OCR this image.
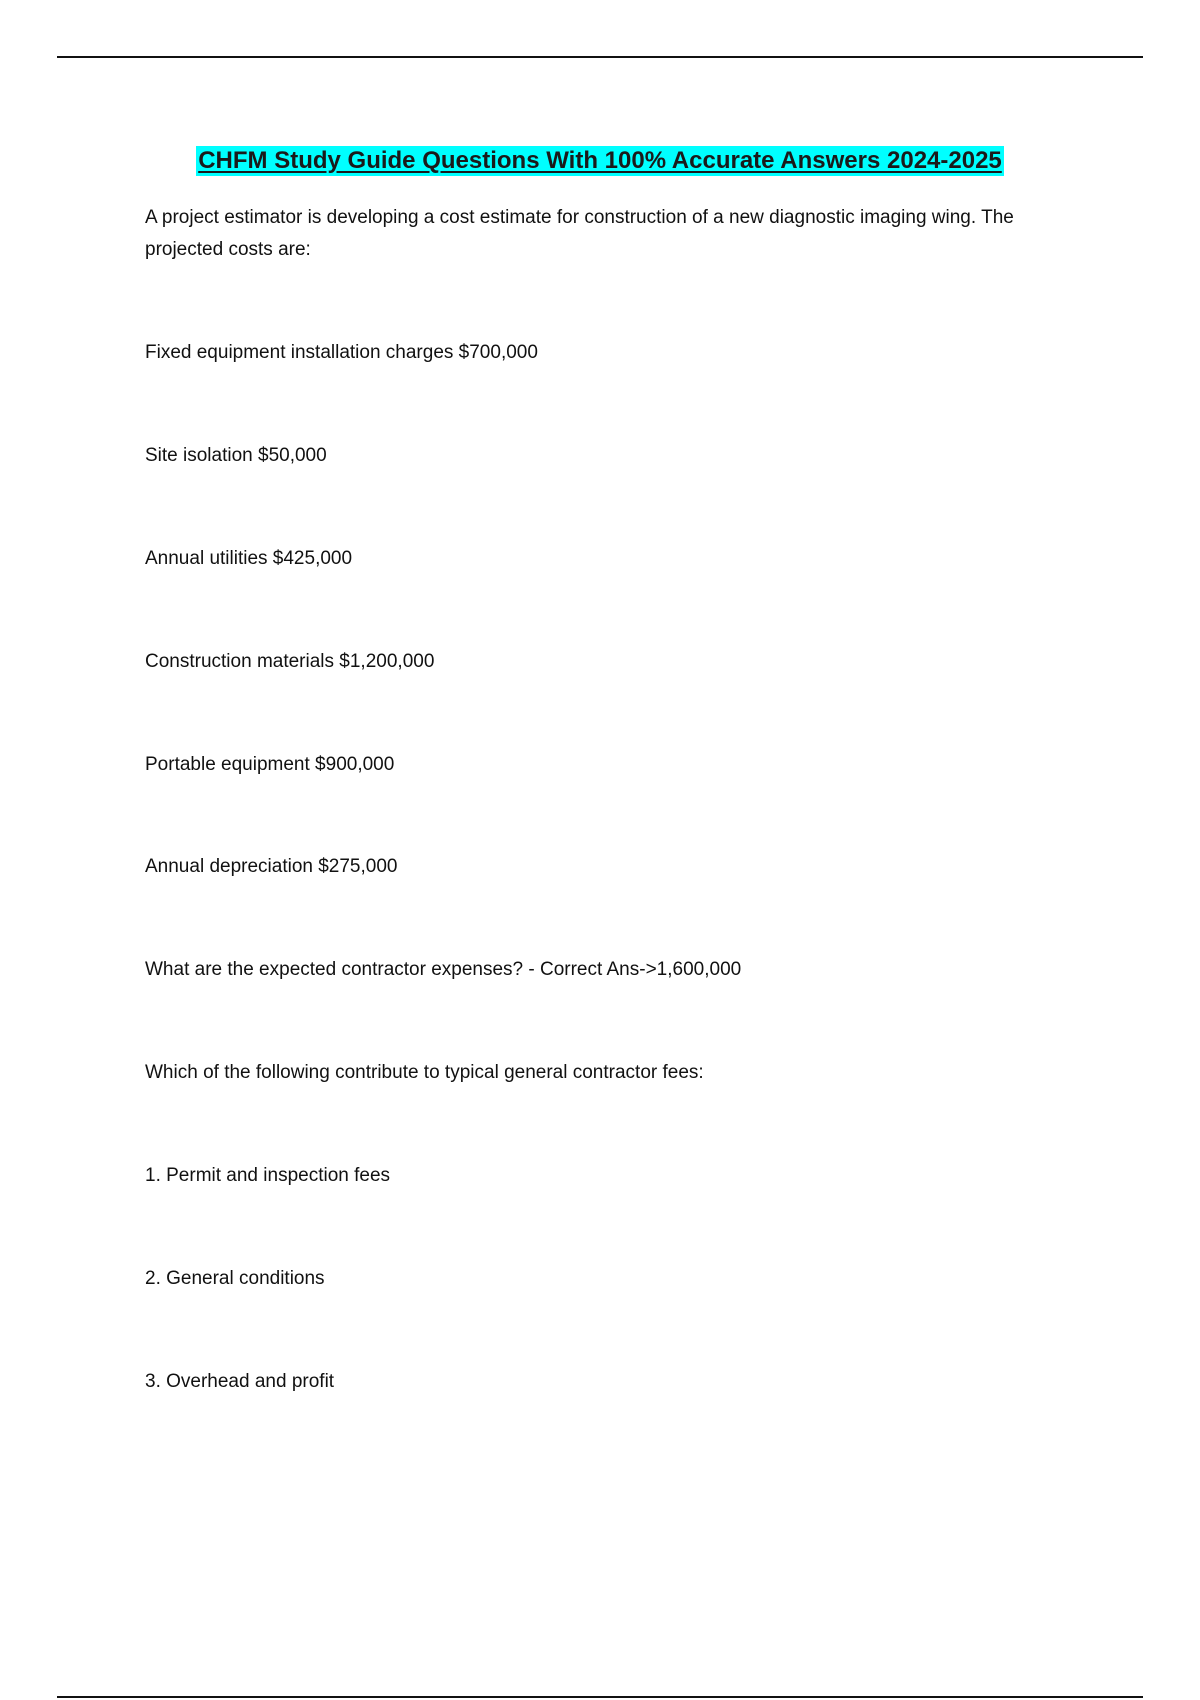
CHFM Study Guide Questions With 100% Accurate Answers 2024-2025
A project estimator is developing a cost estimate for construction of a new diagnostic imaging wing. The projected costs are:
Fixed equipment installation charges $700,000
Site isolation $50,000
Annual utilities $425,000
Construction materials $1,200,000
Portable equipment $900,000
Annual depreciation $275,000
What are the expected contractor expenses? - Correct Ans->1,600,000
Which of the following contribute to typical general contractor fees:
1. Permit and inspection fees
2. General conditions
3. Overhead and profit
